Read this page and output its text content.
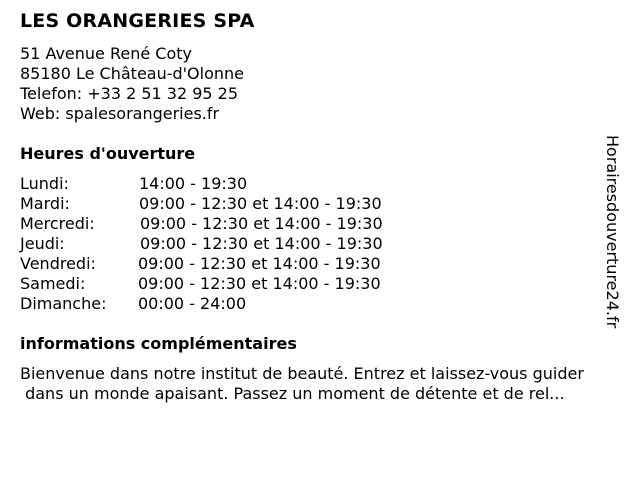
LES ORANGERIES SPA
51 Avenue René Coty
85180 Le Château-d'Olonne
Telefon: +33 2 51 32 95 25
Web: spalesorangeries.fr
Heures d'ouverture
Lundi:	14:00 - 19:30
Mardi:	09:00 - 12:30 et 14:00 - 19:30
Mercredi:	09:00 - 12:30 et 14:00 - 19:30
Jeudi:	09:00 - 12:30 et 14:00 - 19:30
Vendredi:	09:00 - 12:30 et 14:00 - 19:30
Samedi:	09:00 - 12:30 et 14:00 - 19:30
Dimanche: 00:00 - 24:00
informations complémentaires
Bienvenue dans notre institut de beauté. Entrez et laissez-vous guider
dans un monde apaisant. Passez un moment de détente et de rel...
Horairesdouverture24.fr
